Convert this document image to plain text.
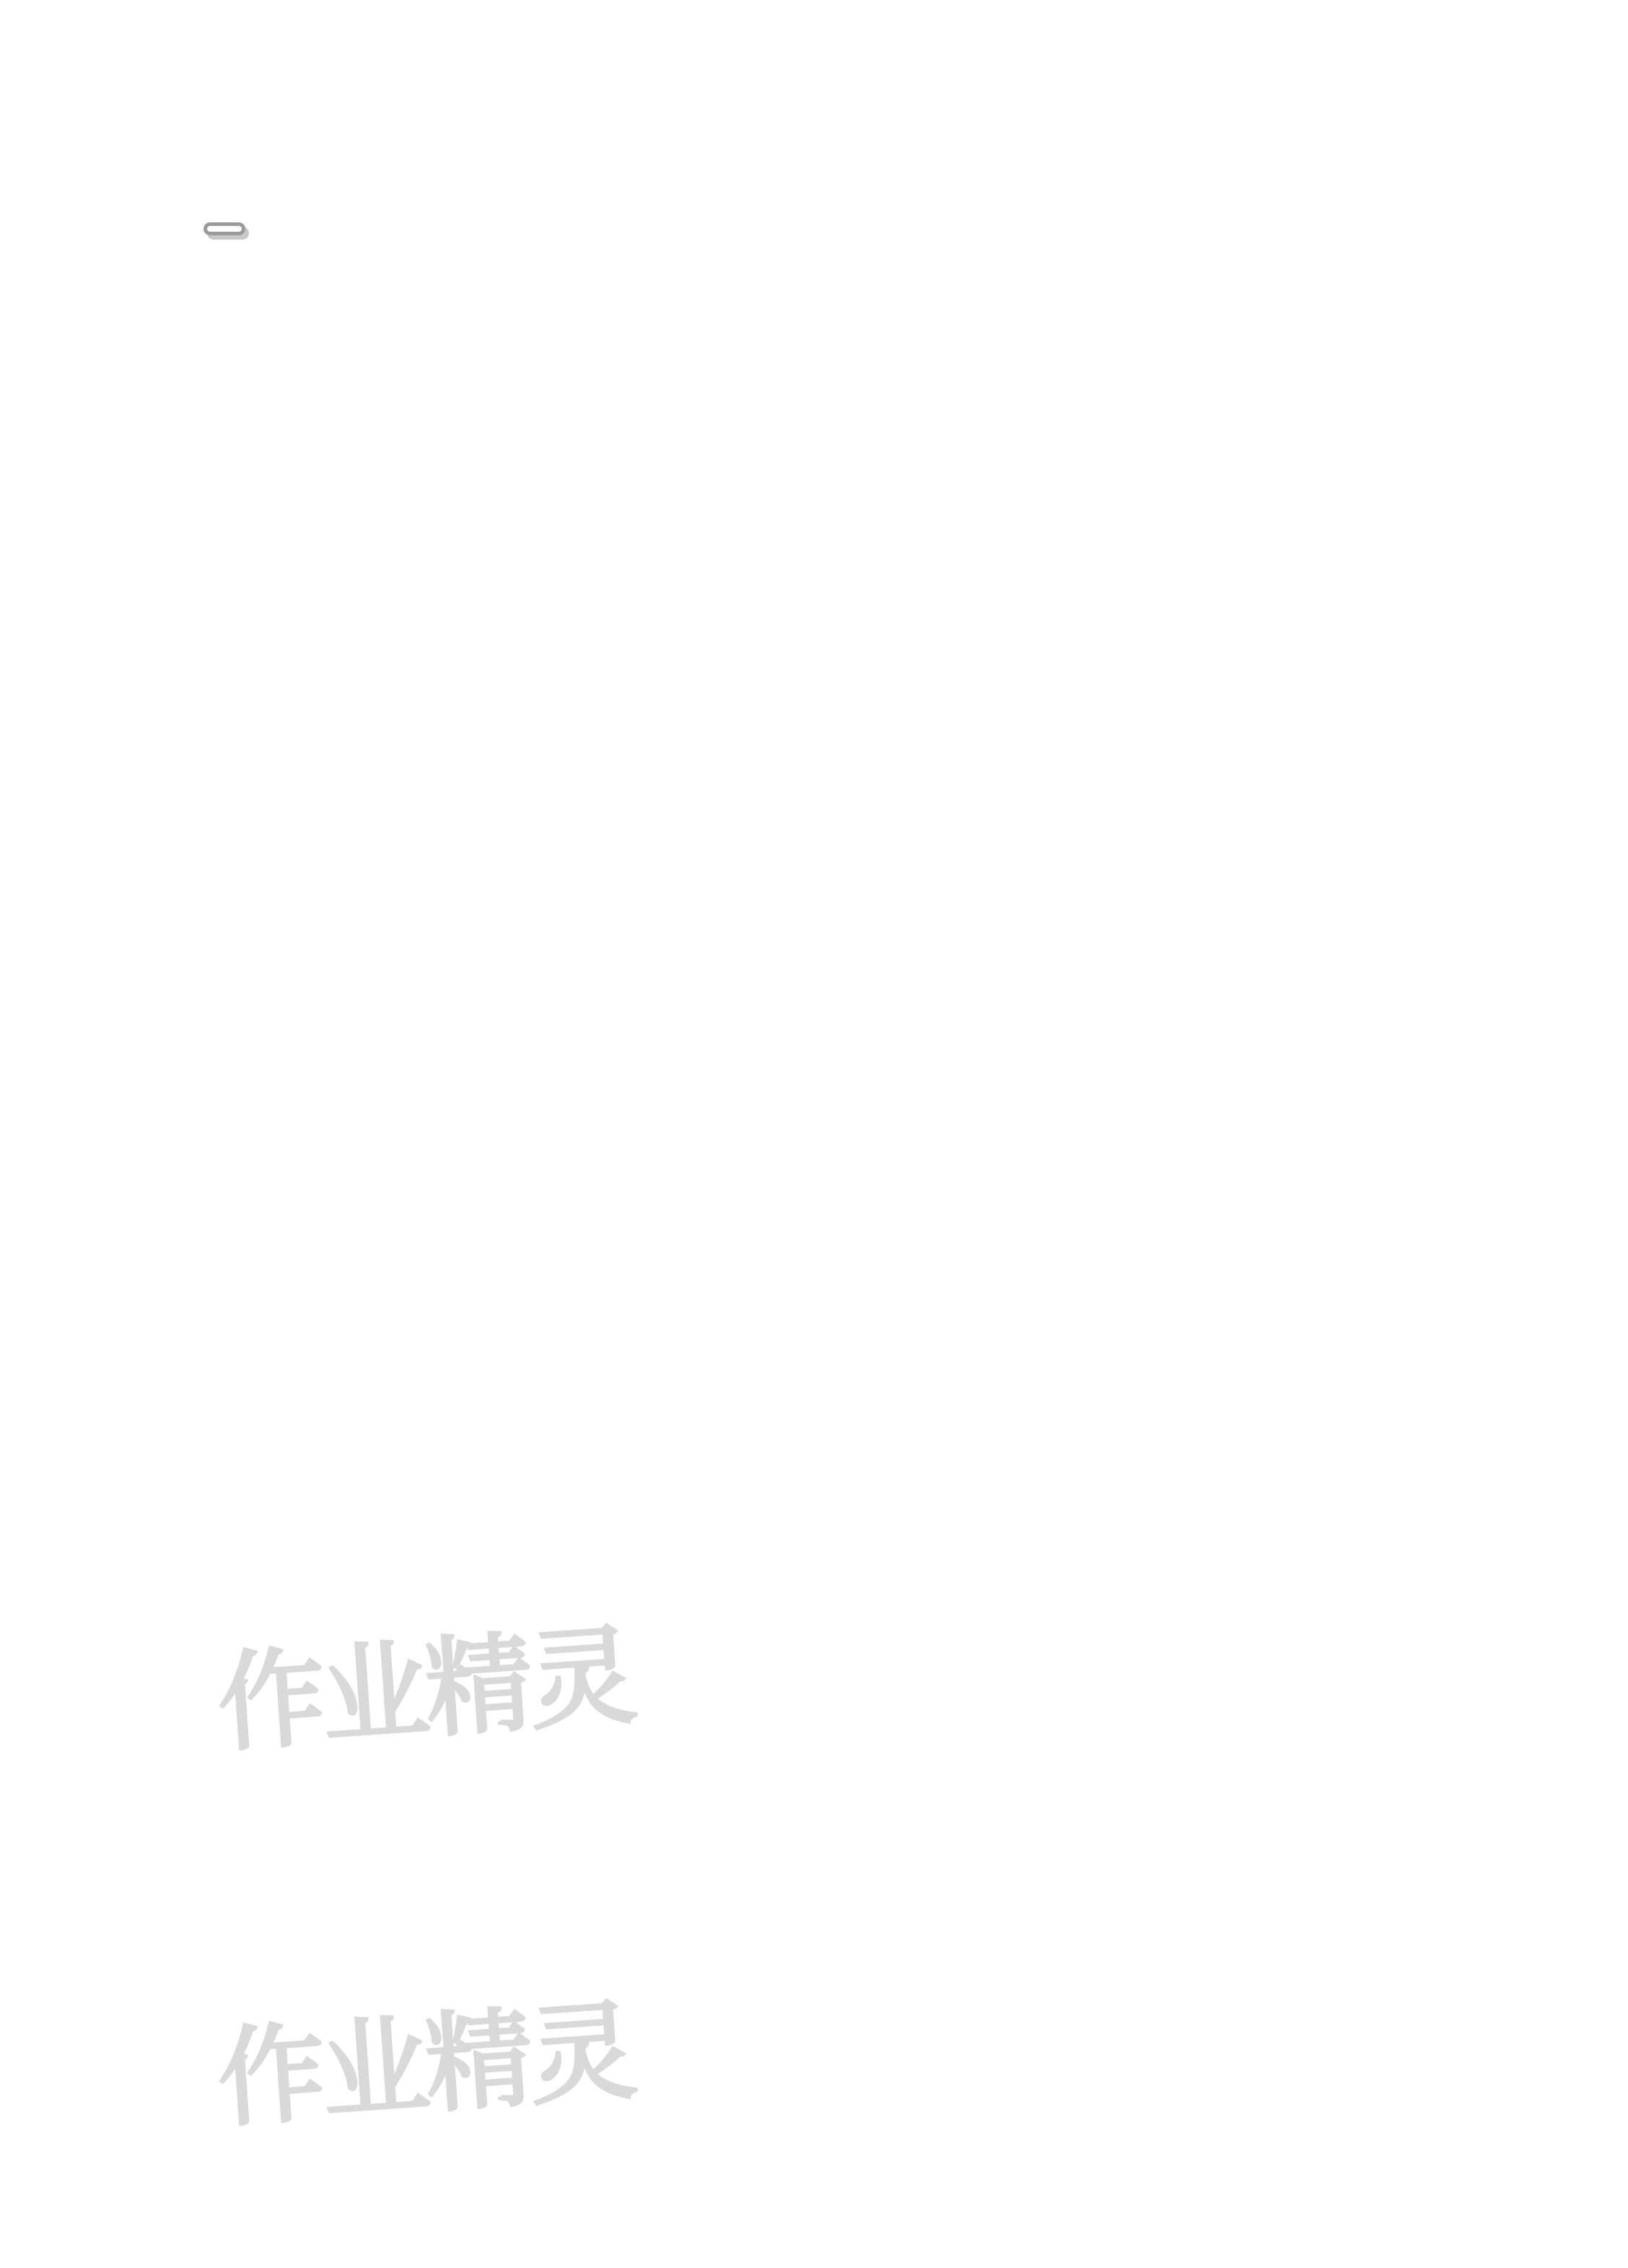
作业精灵
作业精灵
